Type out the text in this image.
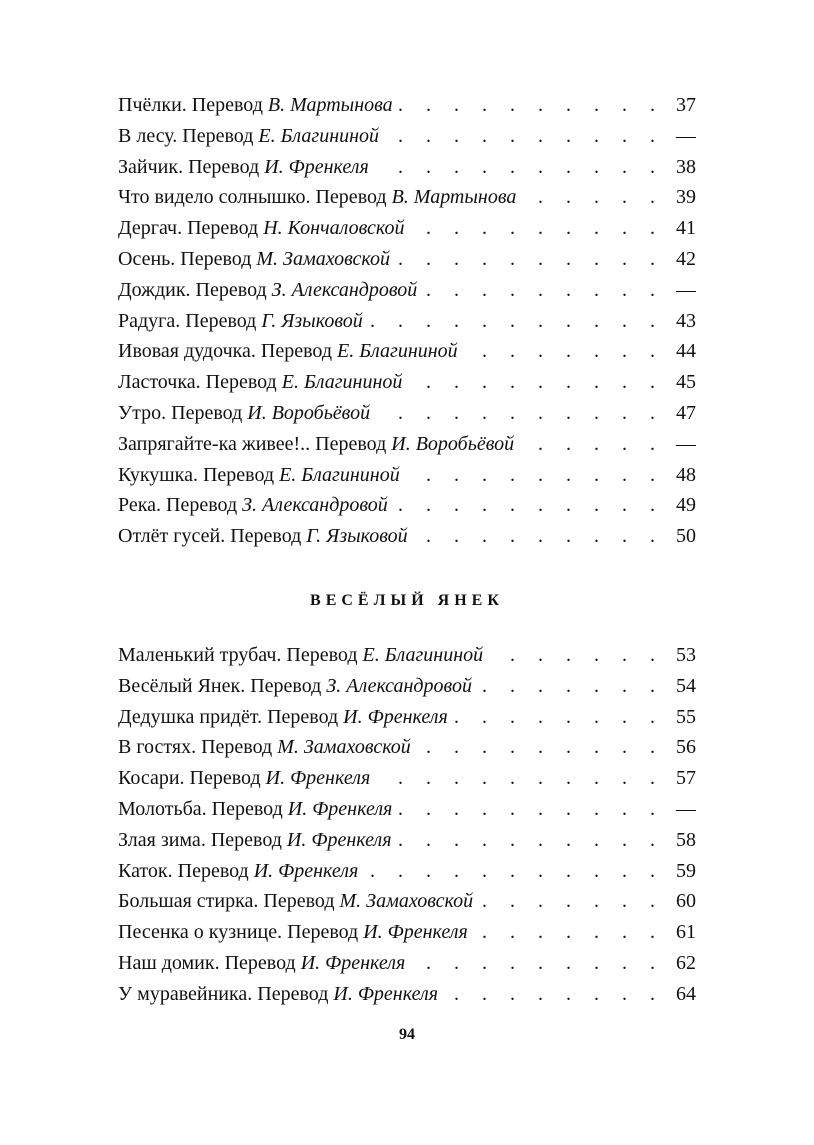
Пчёлки. Перевод В. Мартынова . . .	37
В лесу. Перевод Е. Благининой . . .	—
Зайчик. Перевод И. Френкеля . . .	38
Что видело солнышко. Перевод В. Мартынова . . .	39
Дергач. Перевод Н. Кончаловской . . .	41
Осень. Перевод М. Замаховской . . .	42
Дождик. Перевод З. Александровой . . .	—
Радуга. Перевод Г. Языковой . . .	43
Ивовая дудочка. Перевод Е. Благининой . . .	44
Ласточка. Перевод Е. Благининой . . .	45
Утро. Перевод И. Воробьёвой . . .	47
Запрягайте-ка живее!.. Перевод И. Воробьёвой . . .	—
Кукушка. Перевод Е. Благининой . . .	48
Река. Перевод З. Александровой . . .	49
Отлёт гусей. Перевод Г. Языковой . . .	50
ВЕСЁЛЫЙ ЯНЕК
Маленький трубач. Перевод Е. Благининой . . .	53
Весёлый Янек. Перевод З. Александровой . . .	54
Дедушка придёт. Перевод И. Френкеля . . .	55
В гостях. Перевод М. Замаховской . . .	56
Косари. Перевод И. Френкеля . . .	57
Молотьба. Перевод И. Френкеля . . .	—
Злая зима. Перевод И. Френкеля . . .	58
Каток. Перевод И. Френкеля . . .	59
Большая стирка. Перевод М. Замаховской . . .	60
Песенка о кузнице. Перевод И. Френкеля . . .	61
Наш домик. Перевод И. Френкеля . . .	62
У муравейника. Перевод И. Френкеля . . .	64
94
